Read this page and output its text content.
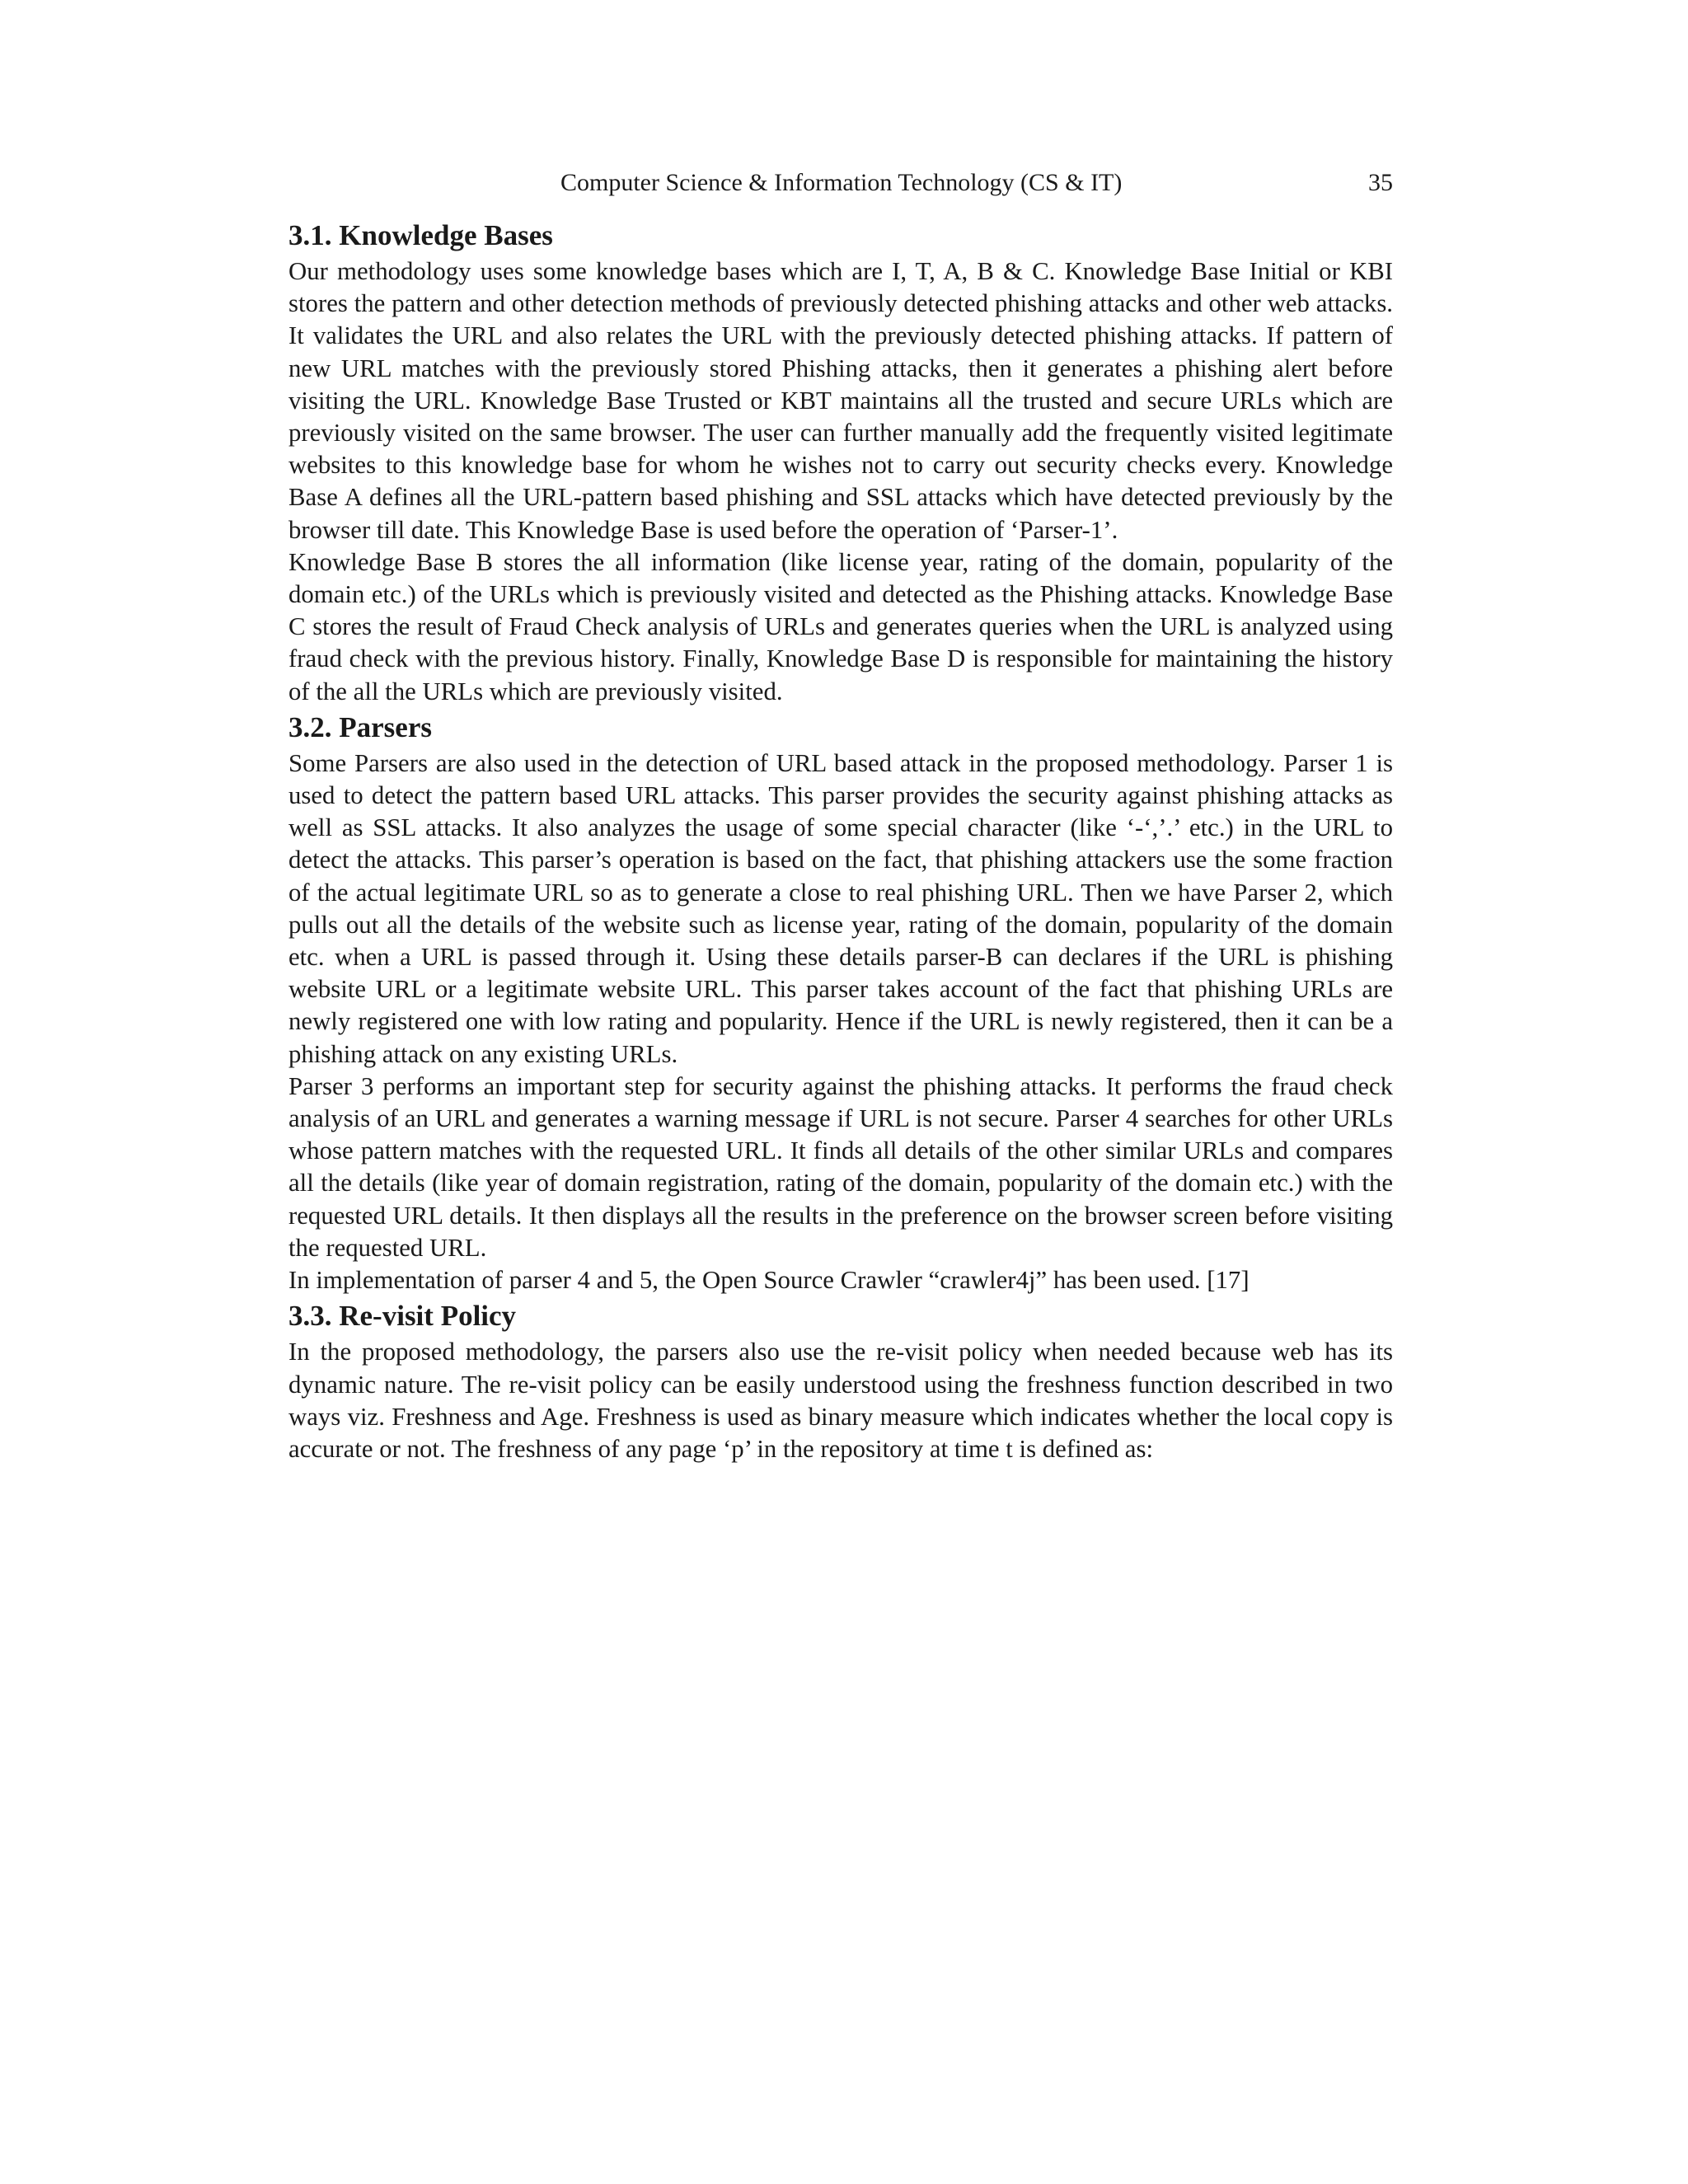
Computer Science & Information Technology (CS & IT)	35
3.1. Knowledge Bases

Our methodology uses some knowledge bases which are I, T, A, B & C. Knowledge Base Initial or KBI stores the pattern and other detection methods of previously detected phishing attacks and other web attacks. It validates the URL and also relates the URL with the previously detected phishing attacks. If pattern of new URL matches with the previously stored Phishing attacks, then it generates a phishing alert before visiting the URL. Knowledge Base Trusted or KBT maintains all the trusted and secure URLs which are previously visited on the same browser. The user can further manually add the frequently visited legitimate websites to this knowledge base for whom he wishes not to carry out security checks every. Knowledge Base A defines all the URL-pattern based phishing and SSL attacks which have detected previously by the browser till date. This Knowledge Base is used before the operation of ‘Parser-1’.

Knowledge Base B stores the all information (like license year, rating of the domain, popularity of the domain etc.) of the URLs which is previously visited and detected as the Phishing attacks. Knowledge Base C stores the result of Fraud Check analysis of URLs and generates queries when the URL is analyzed using fraud check with the previous history. Finally, Knowledge Base D is responsible for maintaining the history of the all the URLs which are previously visited.

3.2. Parsers

Some Parsers are also used in the detection of URL based attack in the proposed methodology. Parser 1 is used to detect the pattern based URL attacks. This parser provides the security against phishing attacks as well as SSL attacks. It also analyzes the usage of some special character (like ‘-‘,’.’ etc.) in the URL to detect the attacks. This parser’s operation is based on the fact, that phishing attackers use the some fraction of the actual legitimate URL so as to generate a close to real phishing URL. Then we have Parser 2, which pulls out all the details of the website such as license year, rating of the domain, popularity of the domain etc. when a URL is passed through it. Using these details parser-B can declares if the URL is phishing website URL or a legitimate website URL. This parser takes account of the fact that phishing URLs are newly registered one with low rating and popularity. Hence if the URL is newly registered, then it can be a phishing attack on any existing URLs.

Parser 3 performs an important step for security against the phishing attacks. It performs the fraud check analysis of an URL and generates a warning message if URL is not secure. Parser 4 searches for other URLs whose pattern matches with the requested URL. It finds all details of the other similar URLs and compares all the details (like year of domain registration, rating of the domain, popularity of the domain etc.) with the requested URL details. It then displays all the results in the preference on the browser screen before visiting the requested URL.

In implementation of parser 4 and 5, the Open Source Crawler “crawler4j” has been used. [17]

3.3. Re-visit Policy

In the proposed methodology, the parsers also use the re-visit policy when needed because web has its dynamic nature. The re-visit policy can be easily understood using the freshness function described in two ways viz. Freshness and Age. Freshness is used as binary measure which indicates whether the local copy is accurate or not. The freshness of any page ‘p’ in the repository at time t is defined as:
